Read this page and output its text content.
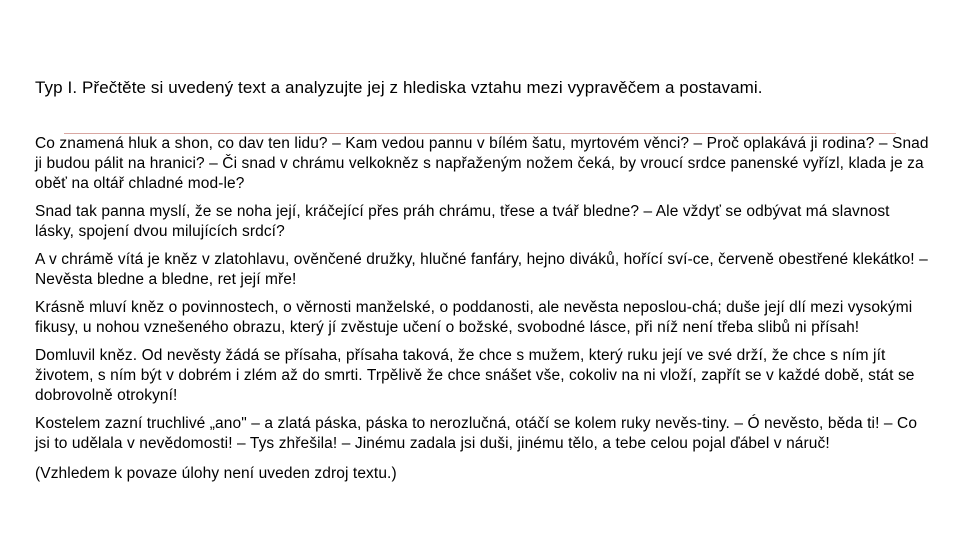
Typ I. Přečtěte si uvedený text a analyzujte jej z hlediska vztahu mezi vypravěčem a postavami.

Co znamená hluk a shon, co dav ten lidu? – Kam vedou pannu v bílém šatu, myrtovém věnci? – Proč oplakává ji rodina? – Snad ji budou pálit na hranici? – Či snad v chrámu velkokněz s napřaženým nožem čeká, by vroucí srdce panenské vyřízl, klada je za oběť na oltář chladné mod-le?

Snad tak panna myslí, že se noha její, kráčející přes práh chrámu, třese a tvář bledne? – Ale vždyť se odbývat má slavnost lásky, spojení dvou milujících srdcí?

A v chrámě vítá je kněz v zlatohlavu, ověnčené družky, hlučné fanfáry, hejno diváků, hořící sví-ce, červeně obestřené klekátko! – Nevěsta bledne a bledne, ret její mře!

Krásně mluví kněz o povinnostech, o věrnosti manželské, o poddanosti, ale nevěsta neposlou-chá; duše její dlí mezi vysokými fikusy, u nohou vznešeného obrazu, který jí zvěstuje učení o božské, svobodné lásce, při níž není třeba slibů ni přísah!

Domluvil kněz. Od nevěsty žádá se přísaha, přísaha taková, že chce s mužem, který ruku její ve své drží, že chce s ním jít životem, s ním být v dobrém i zlém až do smrti. Trpělivě že chce snášet vše, cokoliv na ni vloží, zapřít se v každé době, stát se dobrovolně otrokyní!

Kostelem zazní truchlivé „ano" – a zlatá páska, páska to nerozlučná, otáčí se kolem ruky nevěs-tiny. – Ó nevěsto, běda ti! – Co jsi to udělala v nevědomosti! – Tys zhřešila! – Jinému zadala jsi duši, jinému tělo, a tebe celou pojal ďábel v náruč!

(Vzhledem k povaze úlohy není uveden zdroj textu.)
